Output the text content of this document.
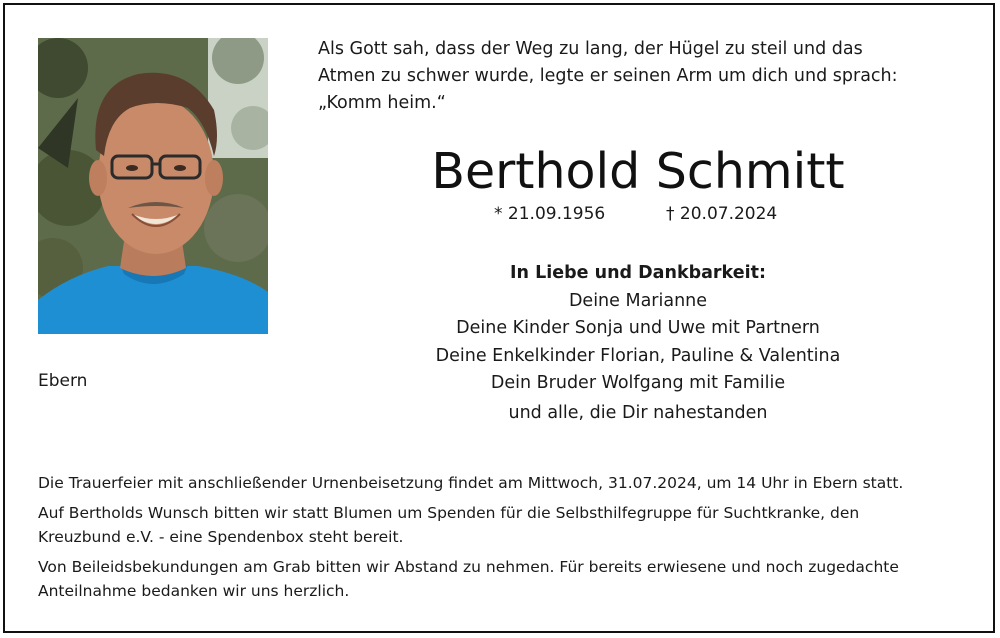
Ebern
Als Gott sah, dass der Weg zu lang, der Hügel zu steil und das
Atmen zu schwer wurde, legte er seinen Arm um dich und sprach:
„Komm heim.“
Berthold Schmitt
* 21.09.1956	† 20.07.2024
In Liebe und Dankbarkeit:
Deine Marianne
Deine Kinder Sonja und Uwe mit Partnern
Deine Enkelkinder Florian, Pauline & Valentina
Dein Bruder Wolfgang mit Familie
und alle, die Dir nahestanden

Die Trauerfeier mit anschließender Urnenbeisetzung findet am Mittwoch, 31.07.2024, um 14 Uhr in Ebern statt.

Auf Bertholds Wunsch bitten wir statt Blumen um Spenden für die Selbsthilfegruppe für Suchtkranke, den
Kreuzbund e.V. - eine Spendenbox steht bereit.

Von Beileidsbekundungen am Grab bitten wir Abstand zu nehmen. Für bereits erwiesene und noch zugedachte
Anteilnahme bedanken wir uns herzlich.
